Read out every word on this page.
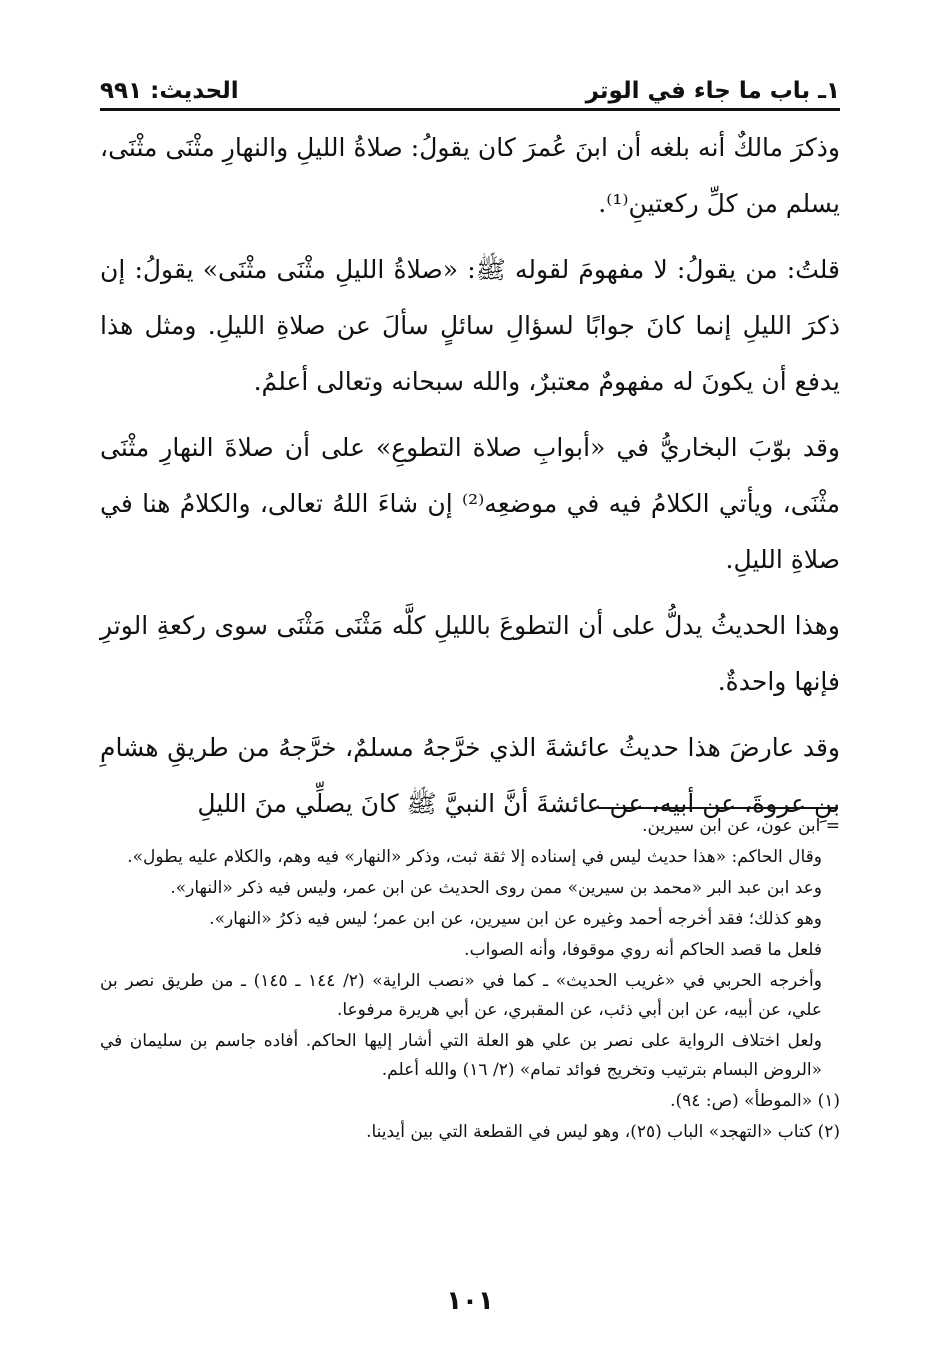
١ـ باب ما جاء في الوتر
الحديث: ٩٩١

وذكرَ مالكٌ أنه بلغه أن ابنَ عُمرَ كان يقولُ: صلاةُ الليلِ والنهارِ مثْنَى مثْنَى، يسلم من كلِّ ركعتينِ⁽¹⁾.

قلتُ: من يقولُ: لا مفهومَ لقوله ﷺ: «صلاةُ الليلِ مثْنَى مثْنَى» يقولُ: إن ذكرَ الليلِ إنما كانَ جوابًا لسؤالِ سائلٍ سألَ عن صلاةِ الليلِ. ومثل هذا يدفع أن يكونَ له مفهومٌ معتبرٌ، والله سبحانه وتعالى أعلمُ.

وقد بوّبَ البخاريُّ في «أبوابِ صلاة التطوعِ» على أن صلاةَ النهارِ مثْنَى مثْنَى، ويأتي الكلامُ فيه في موضعِه⁽²⁾ إن شاءَ اللهُ تعالى، والكلامُ هنا في صلاةِ الليلِ.

وهذا الحديثُ يدلُّ على أن التطوعَ بالليلِ كلَّه مَثْنَى مَثْنَى سوى ركعةِ الوترِ فإنها واحدةٌ.

وقد عارضَ هذا حديثُ عائشةَ الذي خرَّجهُ مسلمٌ، خرَّجهُ من طريقِ هشامِ بنِ عروةَ، عن أبيه، عن عائشةَ أنَّ النبيَّ ﷺ كانَ يصلِّي منَ الليلِ

= ابن عون، عن ابن سيرين.

وقال الحاكم: «هذا حديث ليس في إسناده إلا ثقة ثبت، وذكر «النهار» فيه وهم، والكلام عليه يطول».

وعد ابن عبد البر «محمد بن سيرين» ممن روى الحديث عن ابن عمر، وليس فيه ذكر «النهار».

وهو كذلك؛ فقد أخرجه أحمد وغيره عن ابن سيرين، عن ابن عمر؛ ليس فيه ذكرُ «النهار».

فلعل ما قصد الحاكم أنه روي موقوفا، وأنه الصواب.

وأخرجه الحربي في «غريب الحديث» ـ كما في «نصب الراية» (٢/ ١٤٤ ـ ١٤٥) ـ من طريق نصر بن علي، عن أبيه، عن ابن أبي ذئب، عن المقبري، عن أبي هريرة مرفوعا.

ولعل اختلاف الرواية على نصر بن علي هو العلة التي أشار إليها الحاكم. أفاده جاسم بن سليمان في «الروض البسام بترتيب وتخريج فوائد تمام» (٢/ ١٦) والله أعلم.

(١) «الموطأ» (ص: ٩٤).

(٢) كتاب «التهجد» الباب (٢٥)، وهو ليس في القطعة التي بين أيدينا.

١٠١
